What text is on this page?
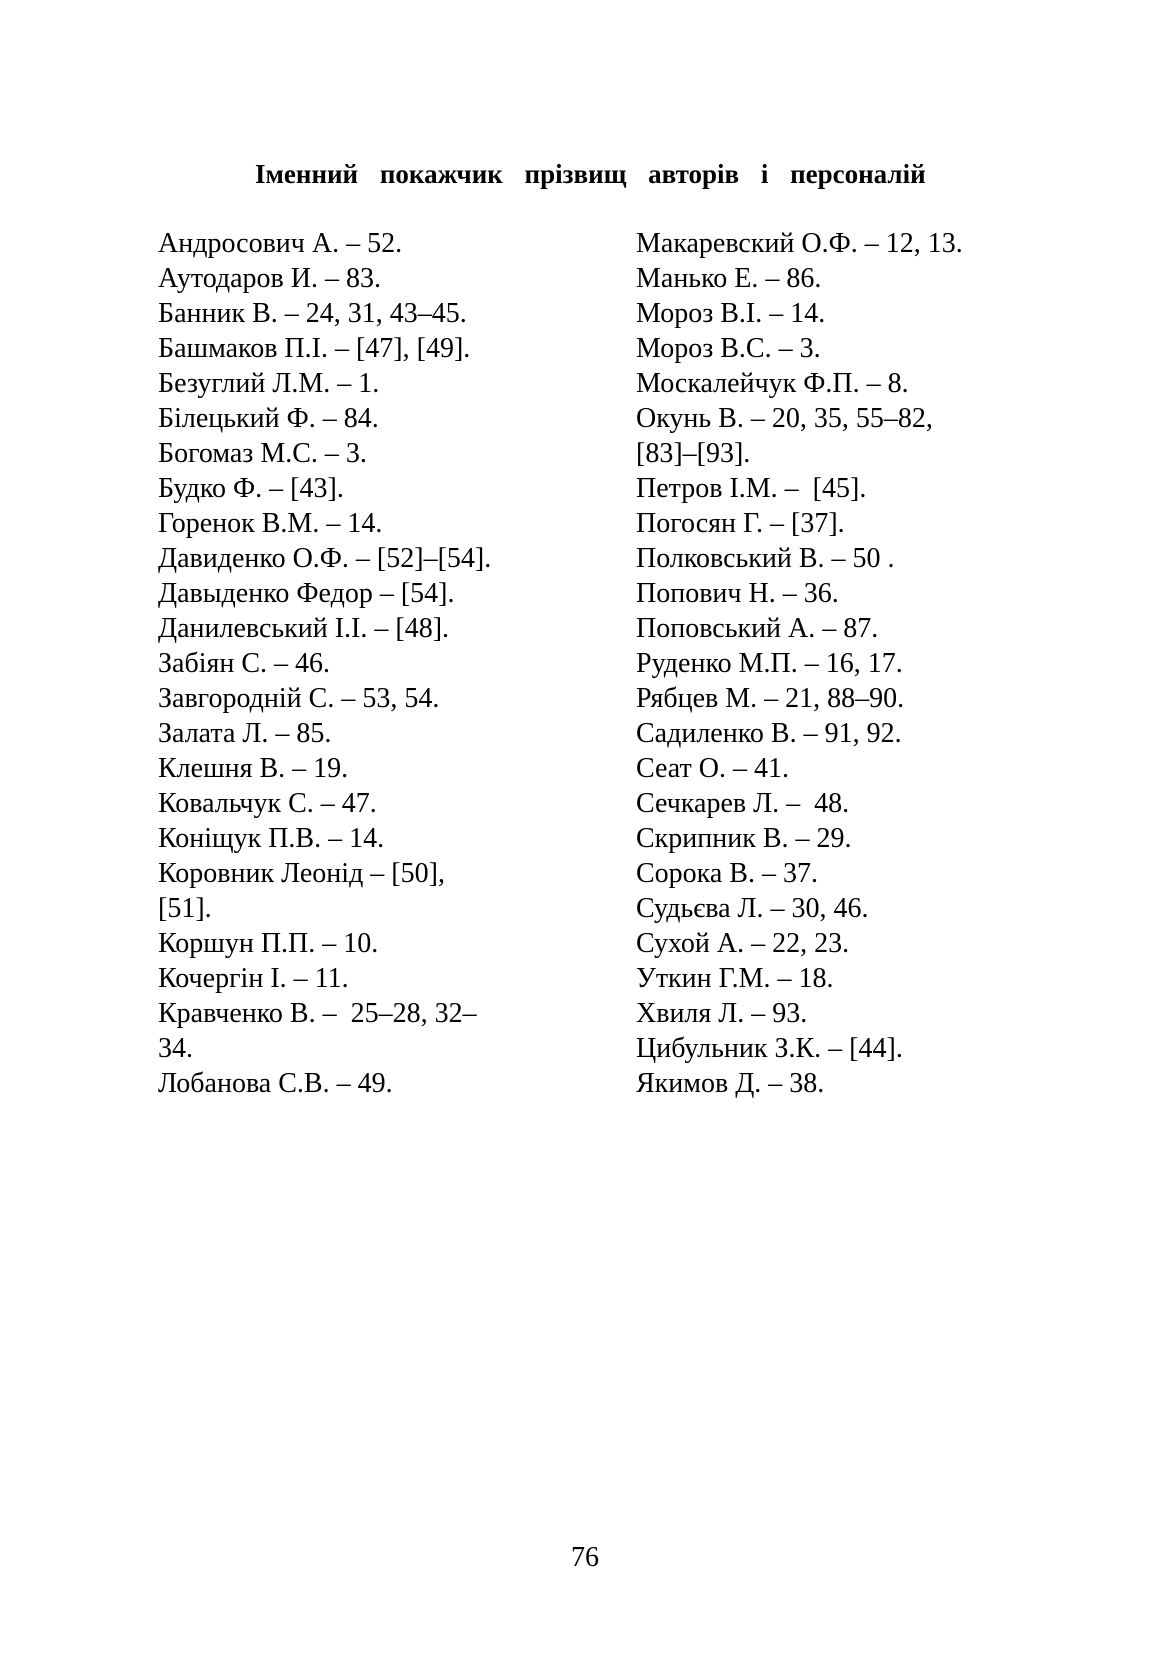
Іменний покажчик прізвищ авторів і персоналій
Андросович А. – 52.
Аутодаров И. – 83.
Банник В. – 24, 31, 43–45.
Башмаков П.І. – [47], [49].
Безуглий Л.М. – 1.
Білецький Ф. – 84.
Богомаз М.С. – 3.
Будко Ф. – [43].
Горенок В.М. – 14.
Давиденко О.Ф. – [52]–[54].
Давыденко Федор – [54].
Данилевський І.І. – [48].
Забіян С. – 46.
Завгородній С. – 53, 54.
Залата Л. – 85.
Клешня В. – 19.
Ковальчук С. – 47.
Коніщук П.В. – 14.
Коровник Леонід – [50],
[51].
Коршун П.П. – 10.
Кочергін І. – 11.
Кравченко В. –  25–28, 32–
34.
Лобанова С.В. – 49.
Макаревский О.Ф. – 12, 13.
Манько Е. – 86.
Мороз В.І. – 14.
Мороз В.С. – 3.
Москалейчук Ф.П. – 8.
Окунь В. – 20, 35, 55–82,
[83]–[93].
Петров І.М. –  [45].
Погосян Г. – [37].
Полковський В. – 50 .
Попович Н. – 36.
Поповський А. – 87.
Руденко М.П. – 16, 17.
Рябцев М. – 21, 88–90.
Садиленко В. – 91, 92.
Сеат О. – 41.
Сечкарев Л. –  48.
Скрипник В. – 29.
Сорока В. – 37.
Судьєва Л. – 30, 46.
Сухой А. – 22, 23.
Уткин Г.М. – 18.
Хвиля Л. – 93.
Цибульник З.К. – [44].
Якимов Д. – 38.
76
